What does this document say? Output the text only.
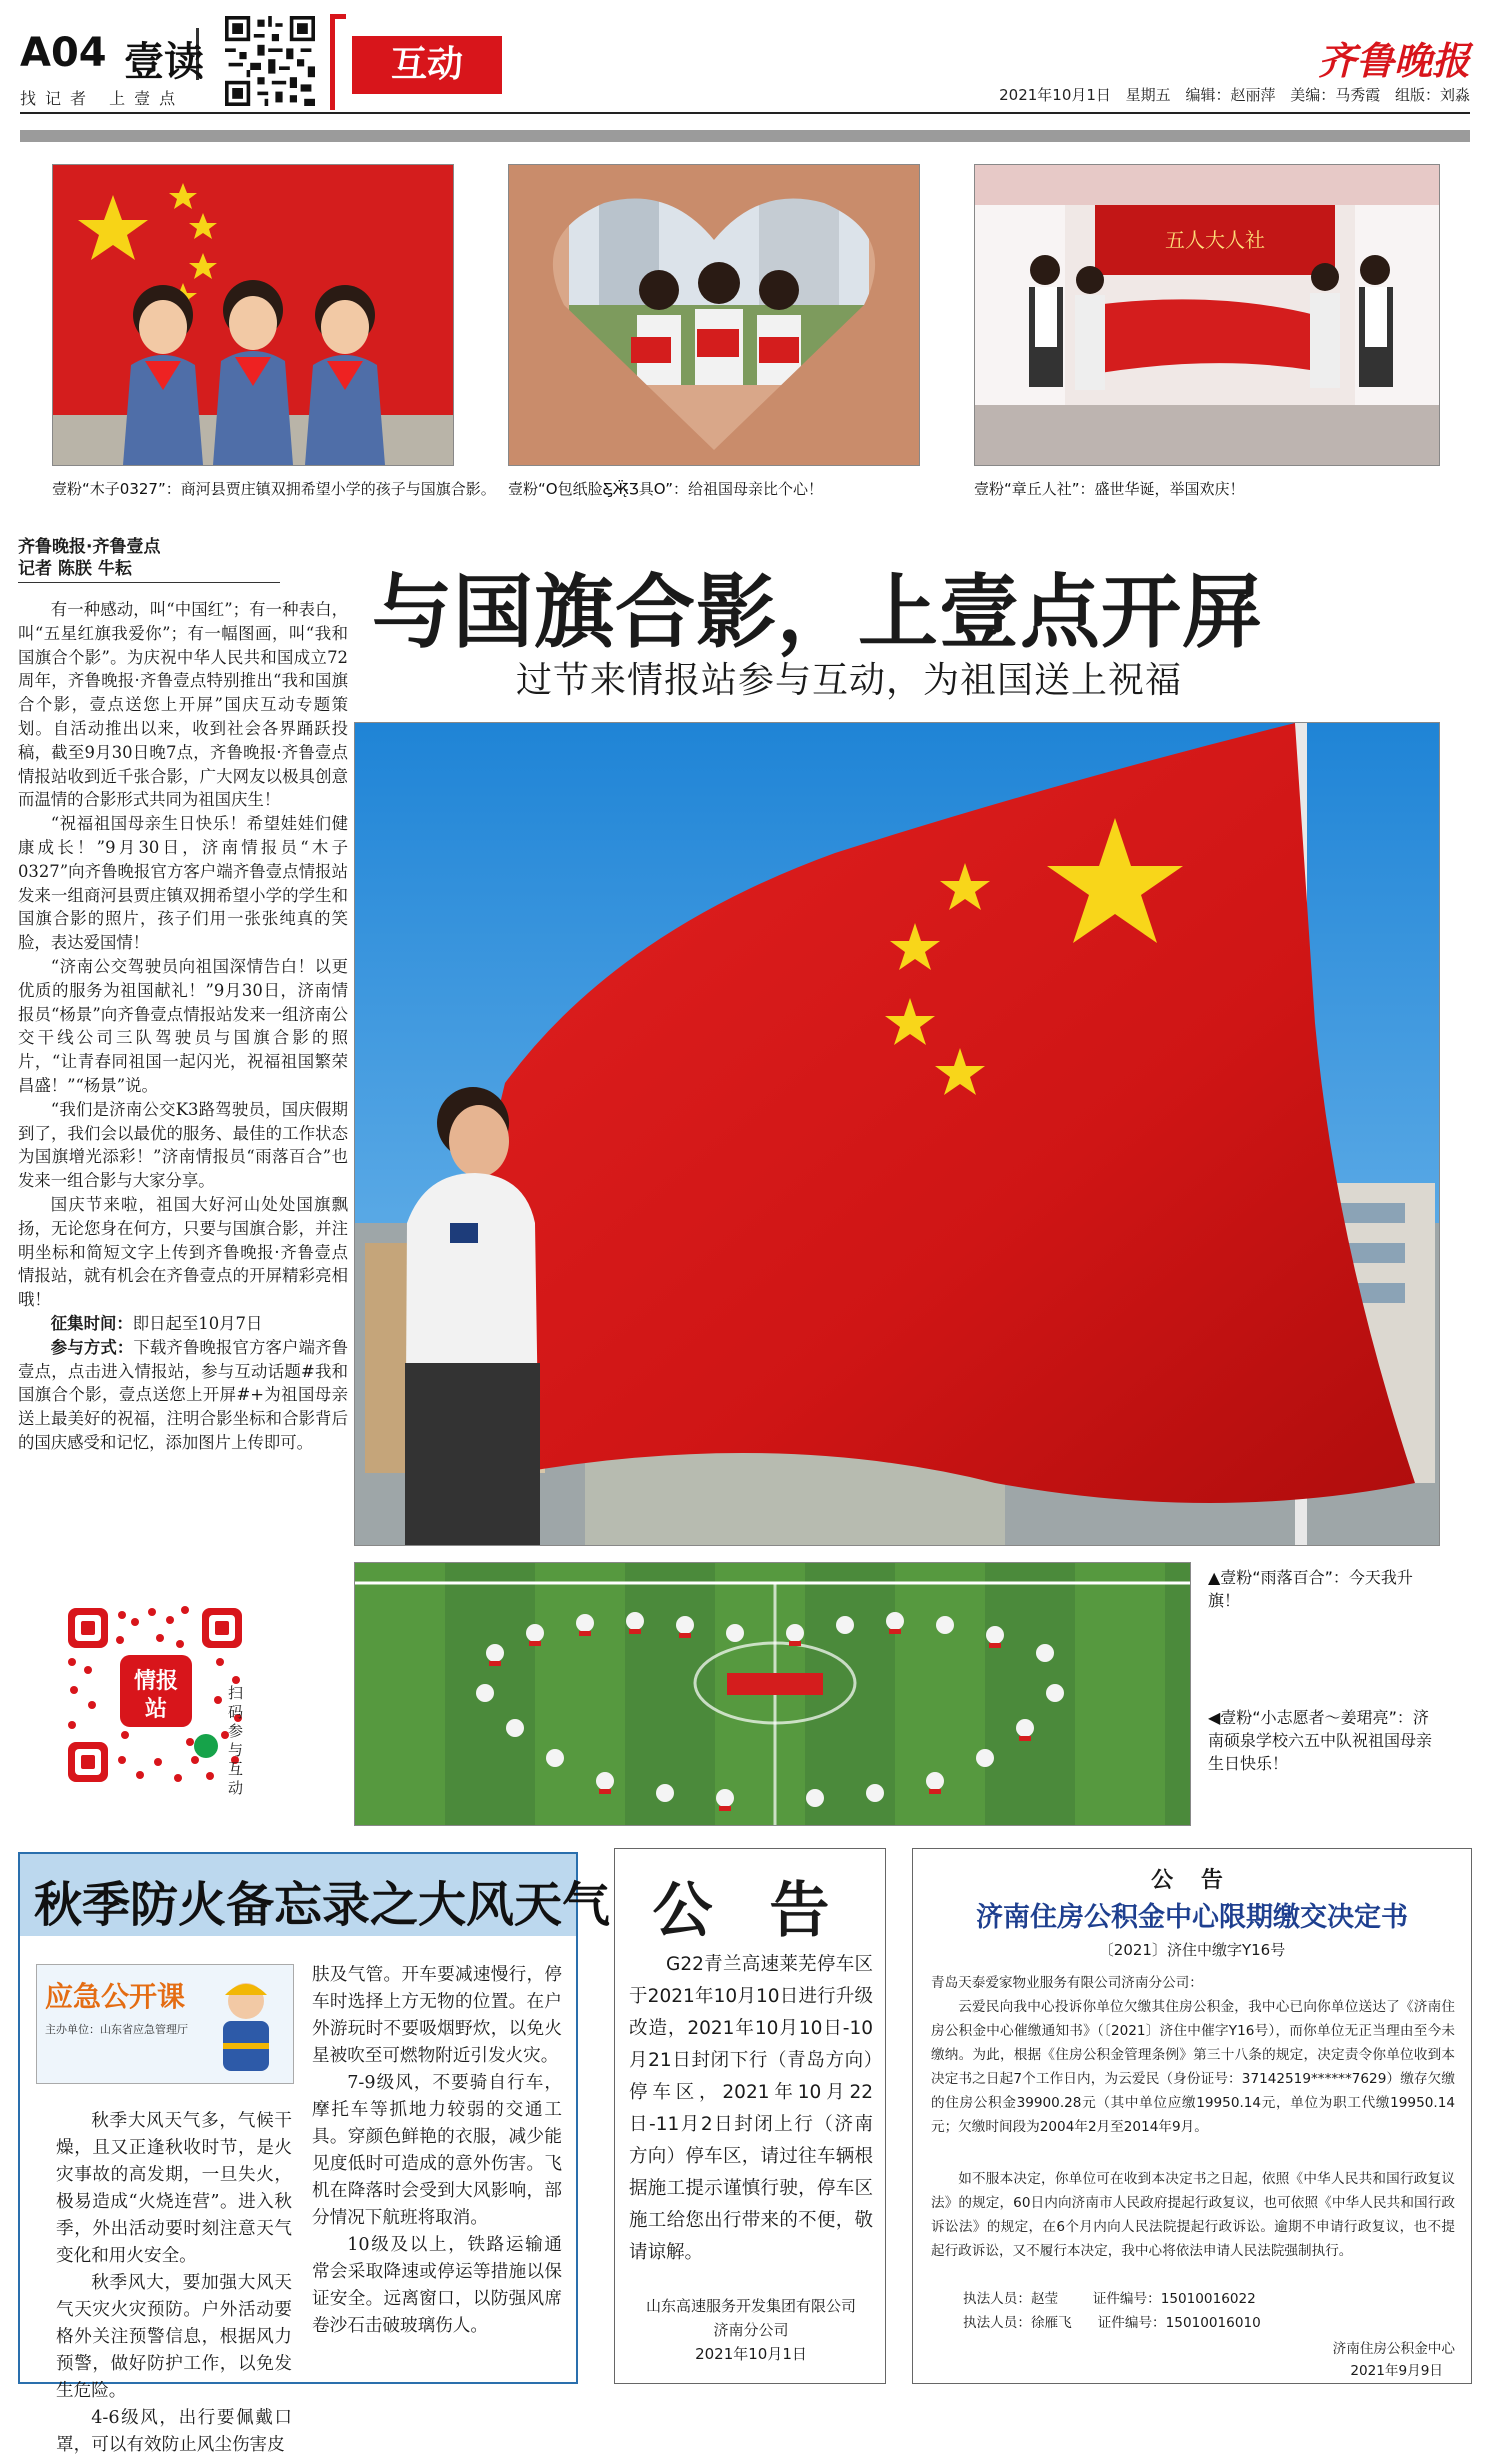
A04 壹读
找记者 上壹点
互动	齐鲁晚报
2021年10月1日 星期五 编辑：赵丽萍 美编：马秀霞 组版：刘淼
壹粉“木子0327”：商河县贾庄镇双拥希望小学的孩子与国旗合影。 壹粉“O包纸脸Ƹ̵̡Ӝ̵̨̄Ʒ具O”：给祖国母亲比个心！
五人大人社
壹粉“章丘人社”：盛世华诞，举国欢庆！
齐鲁晚报·齐鲁壹点
记者 陈朕 牛耘

有一种感动，叫“中国红”；有一种表白，叫“五星红旗我爱你”；有一幅图画，叫“我和国旗合个影”。为庆祝中华人民共和国成立72周年，齐鲁晚报·齐鲁壹点特别推出“我和国旗合个影，壹点送您上开屏”国庆互动专题策划。自活动推出以来，收到社会各界踊跃投稿，截至9月30日晚7点，齐鲁晚报·齐鲁壹点情报站收到近千张合影，广大网友以极具创意而温情的合影形式共同为祖国庆生！

“祝福祖国母亲生日快乐！希望娃娃们健康成长！”9月30日，济南情报员“木子0327”向齐鲁晚报官方客户端齐鲁壹点情报站发来一组商河县贾庄镇双拥希望小学的学生和国旗合影的照片，孩子们用一张张纯真的笑脸，表达爱国情！

“济南公交驾驶员向祖国深情告白！以更优质的服务为祖国献礼！”9月30日，济南情报员“杨景”向齐鲁壹点情报站发来一组济南公交干线公司三队驾驶员与国旗合影的照片，“让青春同祖国一起闪光，祝福祖国繁荣昌盛！”“杨景”说。

“我们是济南公交K3路驾驶员，国庆假期到了，我们会以最优的服务、最佳的工作状态为国旗增光添彩！”济南情报员“雨落百合”也发来一组合影与大家分享。

国庆节来啦，祖国大好河山处处国旗飘扬，无论您身在何方，只要与国旗合影，并注明坐标和简短文字上传到齐鲁晚报·齐鲁壹点情报站，就有机会在齐鲁壹点的开屏精彩亮相哦！

征集时间：即日起至10月7日

参与方式：下载齐鲁晚报官方客户端齐鲁壹点，点击进入情报站，参与互动话题#我和国旗合个影，壹点送您上开屏#+为祖国母亲送上最美好的祝福，注明合影坐标和合影背后的国庆感受和记忆，添加图片上传即可。

情报
站
扫码参与互动
与国旗合影，上壹点开屏
过节来情报站参与互动，为祖国送上祝福
▲壹粉“雨落百合”：今天我升旗！
◀壹粉“小志愿者～姜珺亮”：济南硕泉学校六五中队祝祖国母亲生日快乐！
秋季防火备忘录之大风天气
应急公开课
主办单位：山东省应急管理厅

秋季大风天气多，气候干燥，且又正逢秋收时节，是火灾事故的高发期，一旦失火，极易造成“火烧连营”。进入秋季，外出活动要时刻注意天气变化和用火安全。

秋季风大，要加强大风天气天灾火灾预防。户外活动要格外关注预警信息，根据风力预警，做好防护工作，以免发生危险。

4-6级风，出行要佩戴口罩，可以有效防止风尘伤害皮

肤及气管。开车要减速慢行，停车时选择上方无物的位置。在户外游玩时不要吸烟野炊，以免火星被吹至可燃物附近引发火灾。

7-9级风，不要骑自行车，摩托车等抓地力较弱的交通工具。穿颜色鲜艳的衣服，减少能见度低时可造成的意外伤害。飞机在降落时会受到大风影响，部分情况下航班将取消。

10级及以上，铁路运输通常会采取降速或停运等措施以保证安全。远离窗口，以防强风席卷沙石击破玻璃伤人。

公 告
G22青兰高速莱芜停车区于2021年10月10日进行升级改造，2021年10月10日-10月21日封闭下行（青岛方向）停车区，2021年10月22日-11月2日封闭上行（济南方向）停车区，请过往车辆根据施工提示谨慎行驶，停车区施工给您出行带来的不便，敬请谅解。
山东高速服务开发集团有限公司
济南分公司
2021年10月1日
公 告
济南住房公积金中心限期缴交决定书
〔2021〕济住中缴字Y16号
青岛天泰爱家物业服务有限公司济南分公司：
云爱民向我中心投诉你单位欠缴其住房公积金，我中心已向你单位送达了《济南住房公积金中心催缴通知书》（〔2021〕济住中催字Y16号），而你单位无正当理由至今未缴纳。为此，根据《住房公积金管理条例》第三十八条的规定，决定责令你单位收到本决定书之日起7个工作日内，为云爱民（身份证号：37142519******7629）缴存欠缴的住房公积金39900.28元（其中单位应缴19950.14元，单位为职工代缴19950.14元；欠缴时间段为2004年2月至2014年9月。
如不服本决定，你单位可在收到本决定书之日起，依照《中华人民共和国行政复议法》的规定，60日内向济南市人民政府提起行政复议，也可依照《中华人民共和国行政诉讼法》的规定，在6个月内向人民法院提起行政诉讼。逾期不申请行政复议，也不提起行政诉讼，又不履行本决定，我中心将依法申请人民法院强制执行。
执法人员：赵莹        证件编号：15010016022
执法人员：徐雁飞      证件编号：15010016010
济南住房公积金中心
2021年9月9日
